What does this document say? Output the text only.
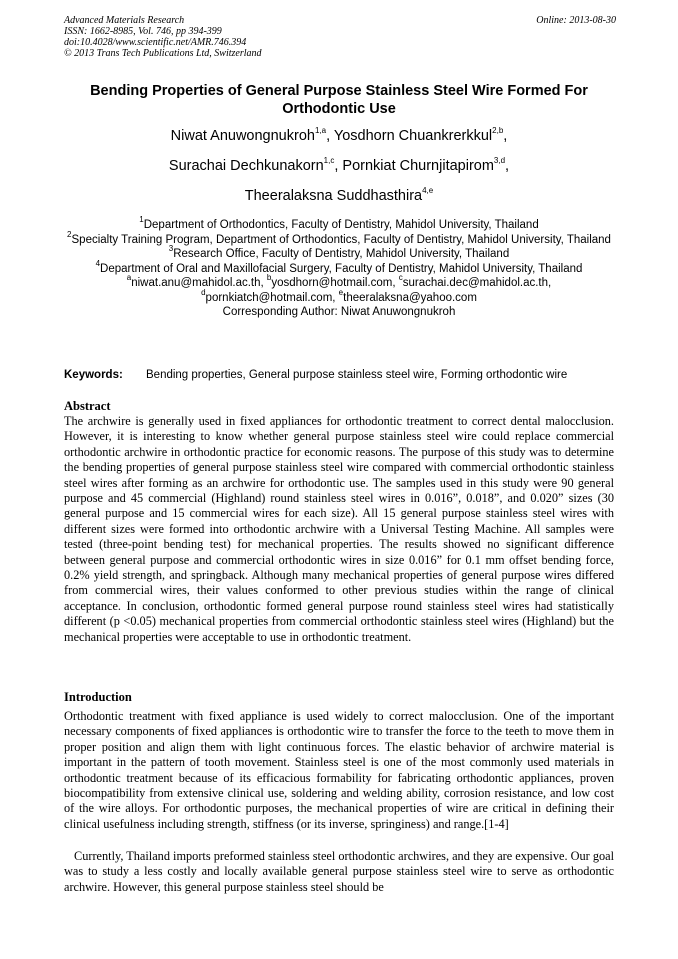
Advanced Materials Research
ISSN: 1662-8985, Vol. 746, pp 394-399
doi:10.4028/www.scientific.net/AMR.746.394
© 2013 Trans Tech Publications Ltd, Switzerland
Online: 2013-08-30
Bending Properties of General Purpose Stainless Steel Wire Formed For Orthodontic Use
Niwat Anuwongnukroh$^{1,a}$, Yosdhorn Chuankrerkkul$^{2,b}$,
Surachai Dechkunakorn$^{1,c}$, Pornkiat Churnjitapirom$^{3,d}$,
Theeralaksna Suddhasthira$^{4,e}$
$^1$Department of Orthodontics, Faculty of Dentistry, Mahidol University, Thailand
$^2$Specialty Training Program, Department of Orthodontics, Faculty of Dentistry, Mahidol University, Thailand
$^3$Research Office, Faculty of Dentistry, Mahidol University, Thailand
$^4$Department of Oral and Maxillofacial Surgery, Faculty of Dentistry, Mahidol University, Thailand
$^a$niwat.anu@mahidol.ac.th, $^b$yosdhorn@hotmail.com, $^c$surachai.dec@mahidol.ac.th,
$^d$pornkiatch@hotmail.com, $^e$theeralaksna@yahoo.com
Corresponding Author: Niwat Anuwongnukroh
Keywords: Bending properties, General purpose stainless steel wire, Forming orthodontic wire
Abstract

The archwire is generally used in fixed appliances for orthodontic treatment to correct dental malocclusion. However, it is interesting to know whether general purpose stainless steel wire could replace commercial orthodontic archwire in orthodontic practice for economic reasons. The purpose of this study was to determine the bending properties of general purpose stainless steel wire compared with commercial orthodontic stainless steel wires after forming as an archwire for orthodontic use. The samples used in this study were 90 general purpose and 45 commercial (Highland) round stainless steel wires in 0.016”, 0.018”, and 0.020” sizes (30 general purpose and 15 commercial wires for each size). All 15 general purpose stainless steel wires with different sizes were formed into orthodontic archwire with a Universal Testing Machine. All samples were tested (three-point bending test) for mechanical properties. The results showed no significant difference between general purpose and commercial orthodontic wires in size 0.016” for 0.1 mm offset bending force, 0.2% yield strength, and springback. Although many mechanical properties of general purpose wires differed from commercial wires, their values conformed to other previous studies within the range of clinical acceptance. In conclusion, orthodontic formed general purpose round stainless steel wires had statistically different (p <0.05) mechanical properties from commercial orthodontic stainless steel wires (Highland) but the mechanical properties were acceptable to use in orthodontic treatment.

Introduction

Orthodontic treatment with fixed appliance is used widely to correct malocclusion. One of the important necessary components of fixed appliances is orthodontic wire to transfer the force to the teeth to move them in proper position and align them with light continuous forces. The elastic behavior of archwire material is important in the pattern of tooth movement. Stainless steel is one of the most commonly used materials in orthodontic treatment because of its efficacious formability for fabricating orthodontic appliances, proven biocompatibility from extensive clinical use, soldering and welding ability, corrosion resistance, and low cost of the wire alloys. For orthodontic purposes, the mechanical properties of wire are critical in defining their clinical usefulness including strength, stiffness (or its inverse, springiness) and range.[1-4]

Currently, Thailand imports preformed stainless steel orthodontic archwires, and they are expensive. Our goal was to study a less costly and locally available general purpose stainless steel wire to serve as orthodontic archwire. However, this general purpose stainless steel should be
